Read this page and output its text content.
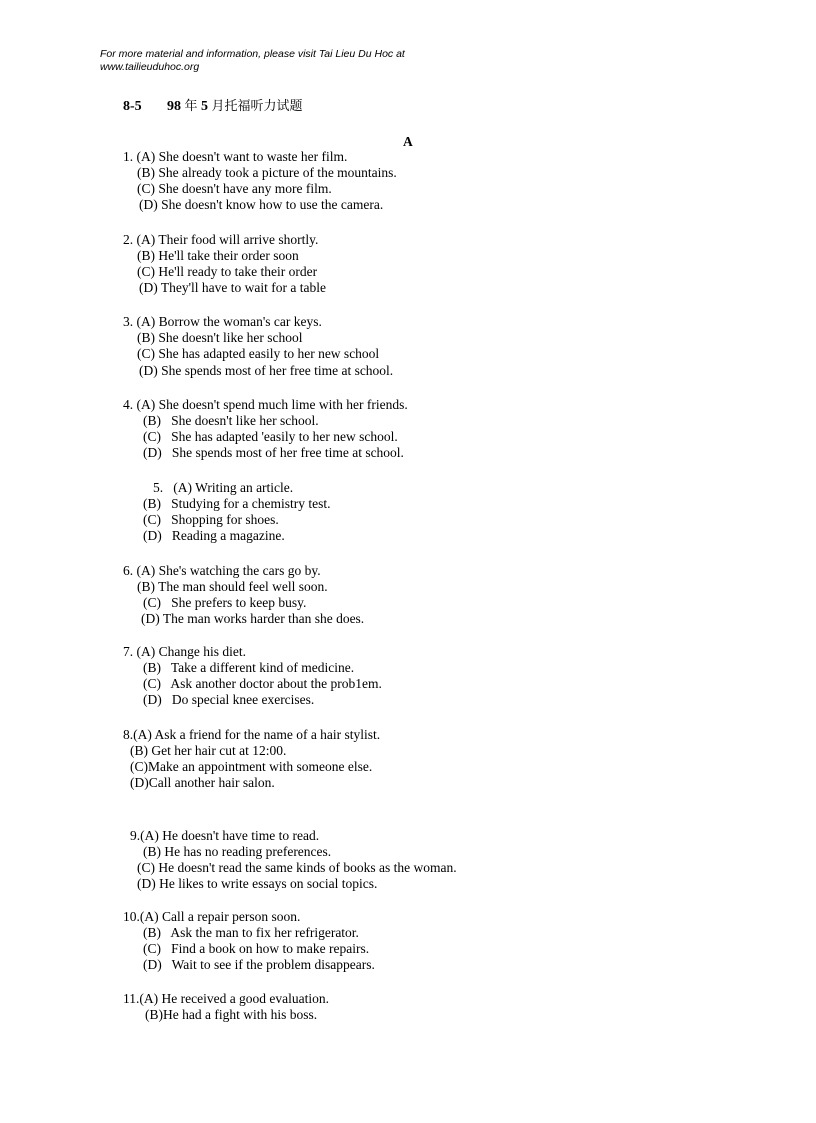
For more material and information, please visit Tai Lieu Du Hoc at
www.tailieuduhoc.org
8-5 98 年 5 月托福听力试题
A
1. (A) She doesn't want to waste her film.
(B) She already took a picture of the mountains.
(C) She doesn't have any more film.
(D) She doesn't know how to use the camera.
2. (A) Their food will arrive shortly.
(B) He'll take their order soon
(C) He'll ready to take their order
(D) They'll have to wait for a table
3. (A) Borrow the woman's car keys.
(B) She doesn't like her school
(C) She has adapted easily to her new school
(D) She spends most of her free time at school.
4. (A) She doesn't spend much lime with her friends.
(B)   She doesn't like her school.
(C)   She has adapted 'easily to her new school.
(D)   She spends most of her free time at school.
5.   (A) Writing an article.
(B)   Studying for a chemistry test.
(C)   Shopping for shoes.
(D)   Reading a magazine.
6. (A) She's watching the cars go by.
(B) The man should feel well soon.
(C)   She prefers to keep busy.
(D) The man works harder than she does.
7. (A) Change his diet.
(B)   Take a different kind of medicine.
(C)   Ask another doctor about the prob1em.
(D)   Do special knee exercises.
8.(A) Ask a friend for the name of a hair stylist.
(B) Get her hair cut at 12:00.
(C)Make an appointment with someone else.
(D)Call another hair salon.
9.(A) He doesn't have time to read.
(B) He has no reading preferences.
(C) He doesn't read the same kinds of books as the woman.
(D) He likes to write essays on social topics.
10.(A) Call a repair person soon.
(B)   Ask the man to fix her refrigerator.
(C)   Find a book on how to make repairs.
(D)   Wait to see if the problem disappears.
11.(A) He received a good evaluation.
(B)He had a fight with his boss.
